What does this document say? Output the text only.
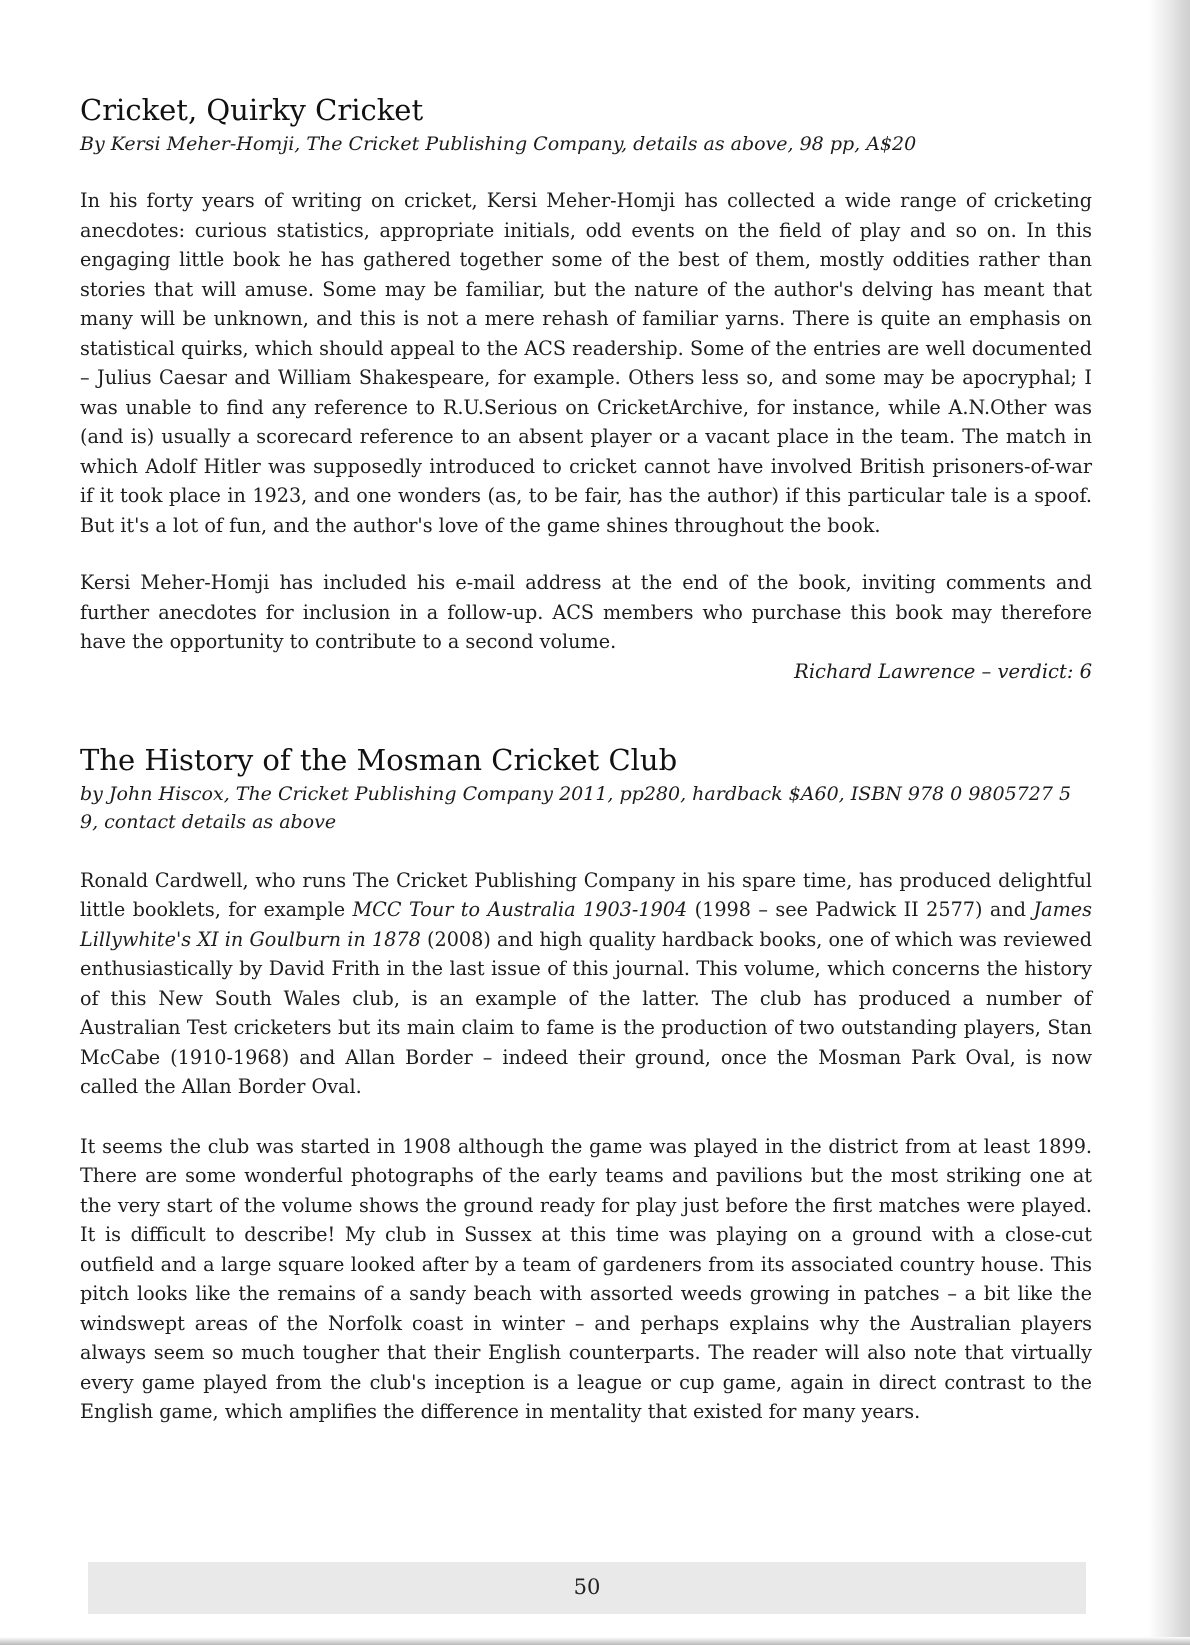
Cricket, Quirky Cricket

By Kersi Meher-Homji, The Cricket Publishing Company, details as above, 98 pp, A$20

In his forty years of writing on cricket, Kersi Meher-Homji has collected a wide range of cricketing anecdotes: curious statistics, appropriate initials, odd events on the field of play and so on. In this engaging little book he has gathered together some of the best of them, mostly oddities rather than stories that will amuse. Some may be familiar, but the nature of the author's delving has meant that many will be unknown, and this is not a mere rehash of familiar yarns. There is quite an emphasis on statistical quirks, which should appeal to the ACS readership. Some of the entries are well documented – Julius Caesar and William Shakespeare, for example. Others less so, and some may be apocryphal; I was unable to find any reference to R.U.Serious on CricketArchive, for instance, while A.N.Other was (and is) usually a scorecard reference to an absent player or a vacant place in the team. The match in which Adolf Hitler was supposedly introduced to cricket cannot have involved British prisoners-of-war if it took place in 1923, and one wonders (as, to be fair, has the author) if this particular tale is a spoof. But it's a lot of fun, and the author's love of the game shines throughout the book.

Kersi Meher-Homji has included his e-mail address at the end of the book, inviting comments and further anecdotes for inclusion in a follow-up. ACS members who purchase this book may therefore have the opportunity to contribute to a second volume.

Richard Lawrence – verdict: 6

The History of the Mosman Cricket Club

by John Hiscox, The Cricket Publishing Company 2011, pp280, hardback $A60, ISBN 978 0 9805727 5 9, contact details as above

Ronald Cardwell, who runs The Cricket Publishing Company in his spare time, has produced delightful little booklets, for example MCC Tour to Australia 1903-1904 (1998 – see Padwick II 2577) and James Lillywhite's XI in Goulburn in 1878 (2008) and high quality hardback books, one of which was reviewed enthusiastically by David Frith in the last issue of this journal. This volume, which concerns the history of this New South Wales club, is an example of the latter. The club has produced a number of Australian Test cricketers but its main claim to fame is the production of two outstanding players, Stan McCabe (1910-1968) and Allan Border – indeed their ground, once the Mosman Park Oval, is now called the Allan Border Oval.

It seems the club was started in 1908 although the game was played in the district from at least 1899. There are some wonderful photographs of the early teams and pavilions but the most striking one at the very start of the volume shows the ground ready for play just before the first matches were played. It is difficult to describe! My club in Sussex at this time was playing on a ground with a close-cut outfield and a large square looked after by a team of gardeners from its associated country house. This pitch looks like the remains of a sandy beach with assorted weeds growing in patches – a bit like the windswept areas of the Norfolk coast in winter – and perhaps explains why the Australian players always seem so much tougher that their English counterparts. The reader will also note that virtually every game played from the club's inception is a league or cup game, again in direct contrast to the English game, which amplifies the difference in mentality that existed for many years.

50
